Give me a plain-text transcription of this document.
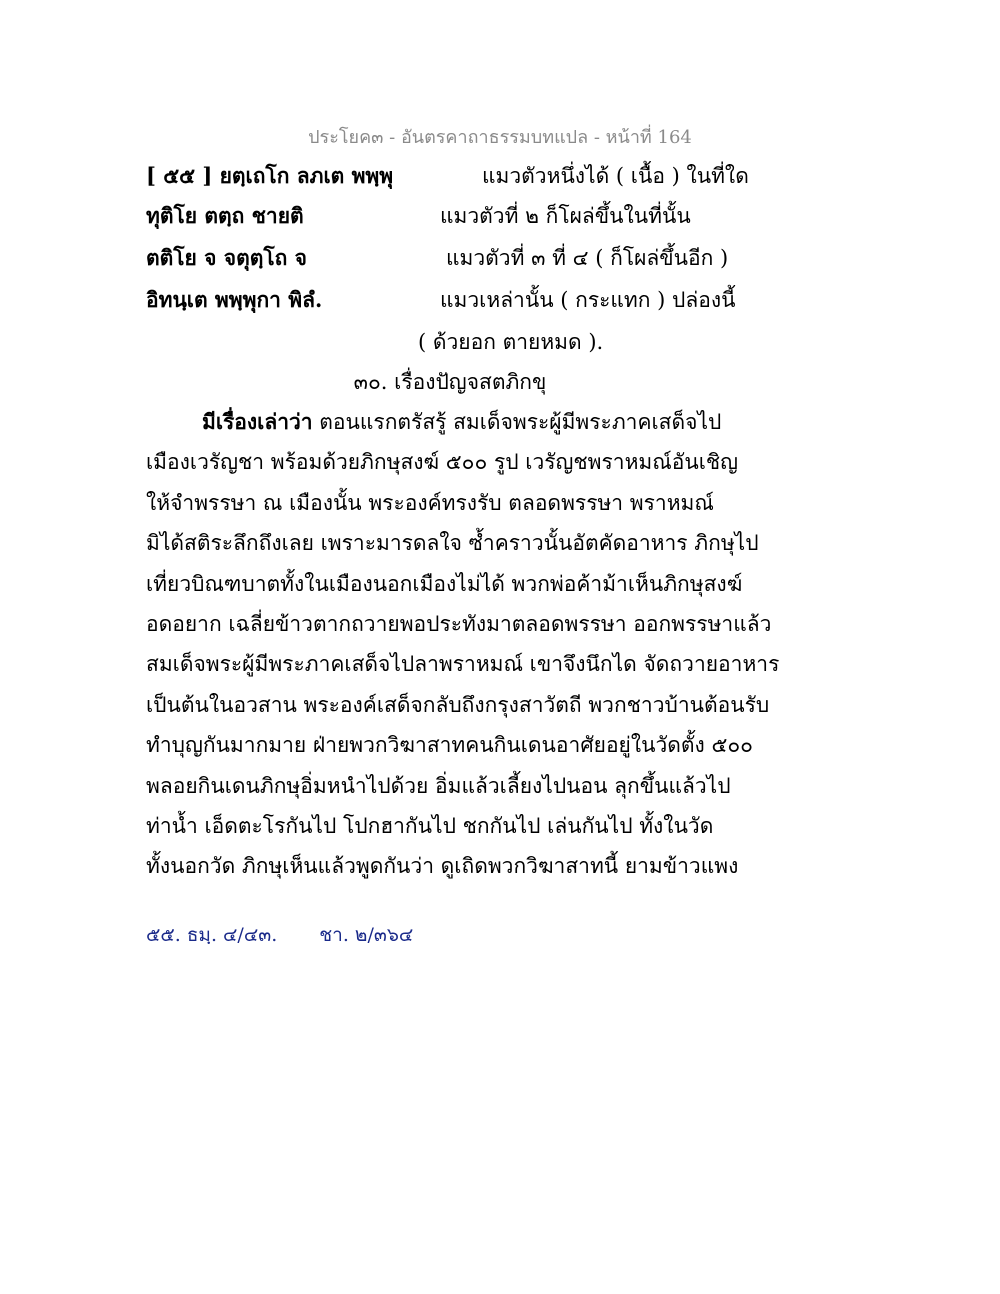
ประโยค๓ - อันตรคาถาธรรมบทแปล - หน้าที่ 164
[ ๕๕ ] ยตฺเถโก ลภเต พพฺพุ	แมวตัวหนึ่งได้ ( เนื้อ ) ในที่ใด
ทุติโย ตตฺถ ชายติ	แมวตัวที่ ๒ ก็โผล่ขึ้นในที่นั้น
ตติโย จ จตุตฺโถ จ	แมวตัวที่ ๓ ที่ ๔ ( ก็โผล่ขึ้นอีก )
อิทนฺเต พพฺพุกา พิลํ.	แมวเหล่านั้น ( กระแทก ) ปล่องนี้
( ด้วยอก ตายหมด ).
๓๐. เรื่องปัญจสตภิกขุ
มีเรื่องเล่าว่า ตอนแรกตรัสรู้ สมเด็จพระผู้มีพระภาคเสด็จไป
เมืองเวรัญชา พร้อมด้วยภิกษุสงฆ์ ๕๐๐ รูป เวรัญชพราหมณ์อันเชิญ
ให้จำพรรษา ณ เมืองนั้น พระองค์ทรงรับ ตลอดพรรษา พราหมณ์
มิได้สติระลึกถึงเลย เพราะมารดลใจ ซ้ำคราวนั้นอัตคัดอาหาร ภิกษุไป
เที่ยวบิณฑบาตทั้งในเมืองนอกเมืองไม่ได้ พวกพ่อค้าม้าเห็นภิกษุสงฆ์
อดอยาก เฉลี่ยข้าวตากถวายพอประทังมาตลอดพรรษา ออกพรรษาแล้ว
สมเด็จพระผู้มีพระภาคเสด็จไปลาพราหมณ์ เขาจึงนึกได จัดถวายอาหาร
เป็นต้นในอวสาน พระองค์เสด็จกลับถึงกรุงสาวัตถี พวกชาวบ้านต้อนรับ
ทำบุญกันมากมาย ฝ่ายพวกวิฆาสาทคนกินเดนอาศัยอยู่ในวัดตั้ง ๕๐๐
พลอยกินเดนภิกษุอิ่มหนำไปด้วย อิ่มแล้วเลี้ยงไปนอน ลุกขึ้นแล้วไป
ท่าน้ำ เอ็ดตะโรกันไป โปกฮากันไป ชกกันไป เล่นกันไป ทั้งในวัด
ทั้งนอกวัด ภิกษุเห็นแล้วพูดกันว่า ดูเถิดพวกวิฆาสาทนี้ ยามข้าวแพง
๕๕. ธมฺ. ๔/๔๓. ชา. ๒/๓๖๔
